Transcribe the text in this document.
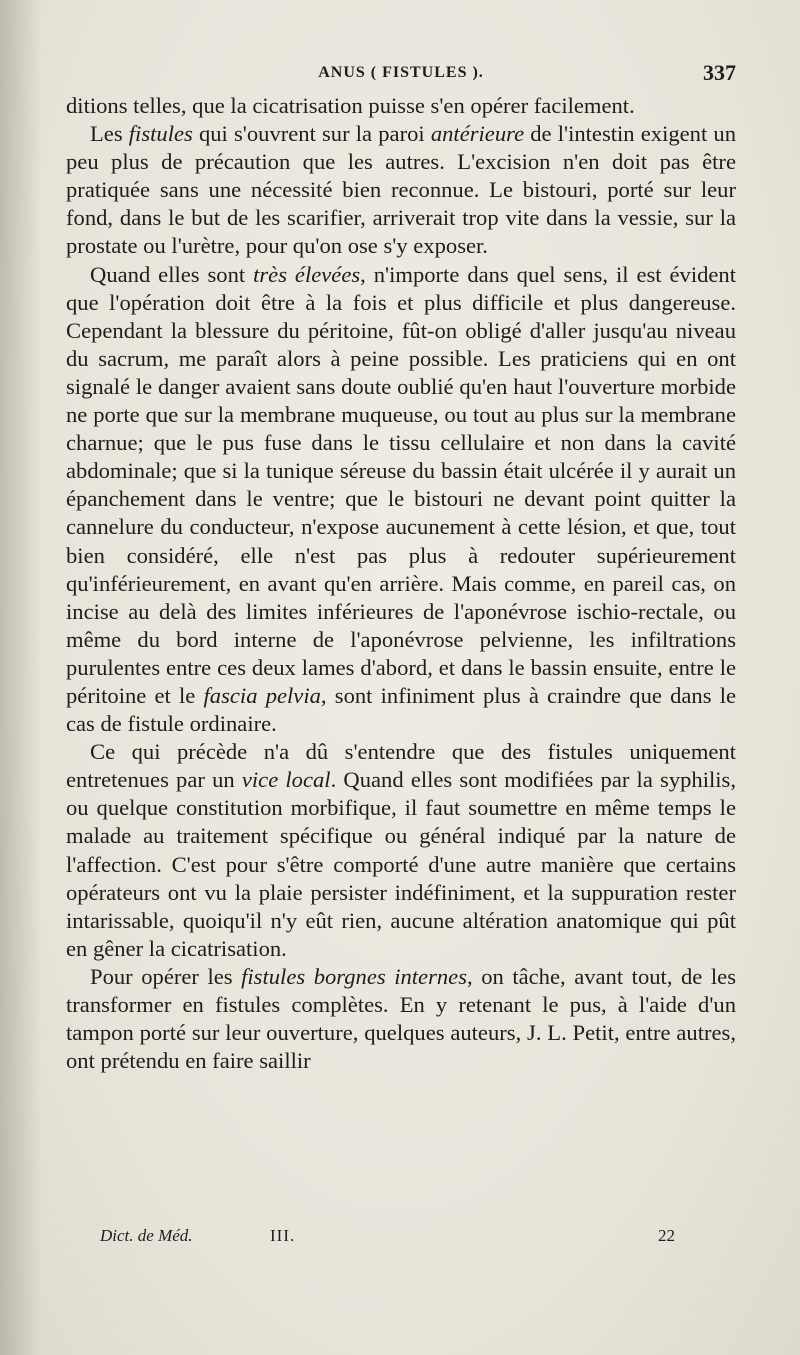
ANUS ( FISTULES ).	337

ditions telles, que la cicatrisation puisse s'en opérer facilement.

Les fistules qui s'ouvrent sur la paroi antérieure de l'intestin exigent un peu plus de précaution que les autres. L'excision n'en doit pas être pratiquée sans une nécessité bien reconnue. Le bistouri, porté sur leur fond, dans le but de les scarifier, arriverait trop vite dans la vessie, sur la prostate ou l'urètre, pour qu'on ose s'y exposer.

Quand elles sont très élevées, n'importe dans quel sens, il est évident que l'opération doit être à la fois et plus difficile et plus dangereuse. Cependant la blessure du péritoine, fût-on obligé d'aller jusqu'au niveau du sacrum, me paraît alors à peine possible. Les praticiens qui en ont signalé le danger avaient sans doute oublié qu'en haut l'ouverture morbide ne porte que sur la membrane muqueuse, ou tout au plus sur la membrane charnue; que le pus fuse dans le tissu cellulaire et non dans la cavité abdominale; que si la tunique séreuse du bassin était ulcérée il y aurait un épanchement dans le ventre; que le bistouri ne devant point quitter la cannelure du conducteur, n'expose aucunement à cette lésion, et que, tout bien considéré, elle n'est pas plus à redouter supérieurement qu'inférieurement, en avant qu'en arrière. Mais comme, en pareil cas, on incise au delà des limites inférieures de l'aponévrose ischio-rectale, ou même du bord interne de l'aponévrose pelvienne, les infiltrations purulentes entre ces deux lames d'abord, et dans le bassin ensuite, entre le péritoine et le fascia pelvia, sont infiniment plus à craindre que dans le cas de fistule ordinaire.

Ce qui précède n'a dû s'entendre que des fistules uniquement entretenues par un vice local. Quand elles sont modifiées par la syphilis, ou quelque constitution morbifique, il faut soumettre en même temps le malade au traitement spécifique ou général indiqué par la nature de l'affection. C'est pour s'être comporté d'une autre manière que certains opérateurs ont vu la plaie persister indéfiniment, et la suppuration rester intarissable, quoiqu'il n'y eût rien, aucune altération anatomique qui pût en gêner la cicatrisation.

Pour opérer les fistules borgnes internes, on tâche, avant tout, de les transformer en fistules complètes. En y retenant le pus, à l'aide d'un tampon porté sur leur ouverture, quelques auteurs, J. L. Petit, entre autres, ont prétendu en faire saillir

Dict. de Méd.	III.	22
